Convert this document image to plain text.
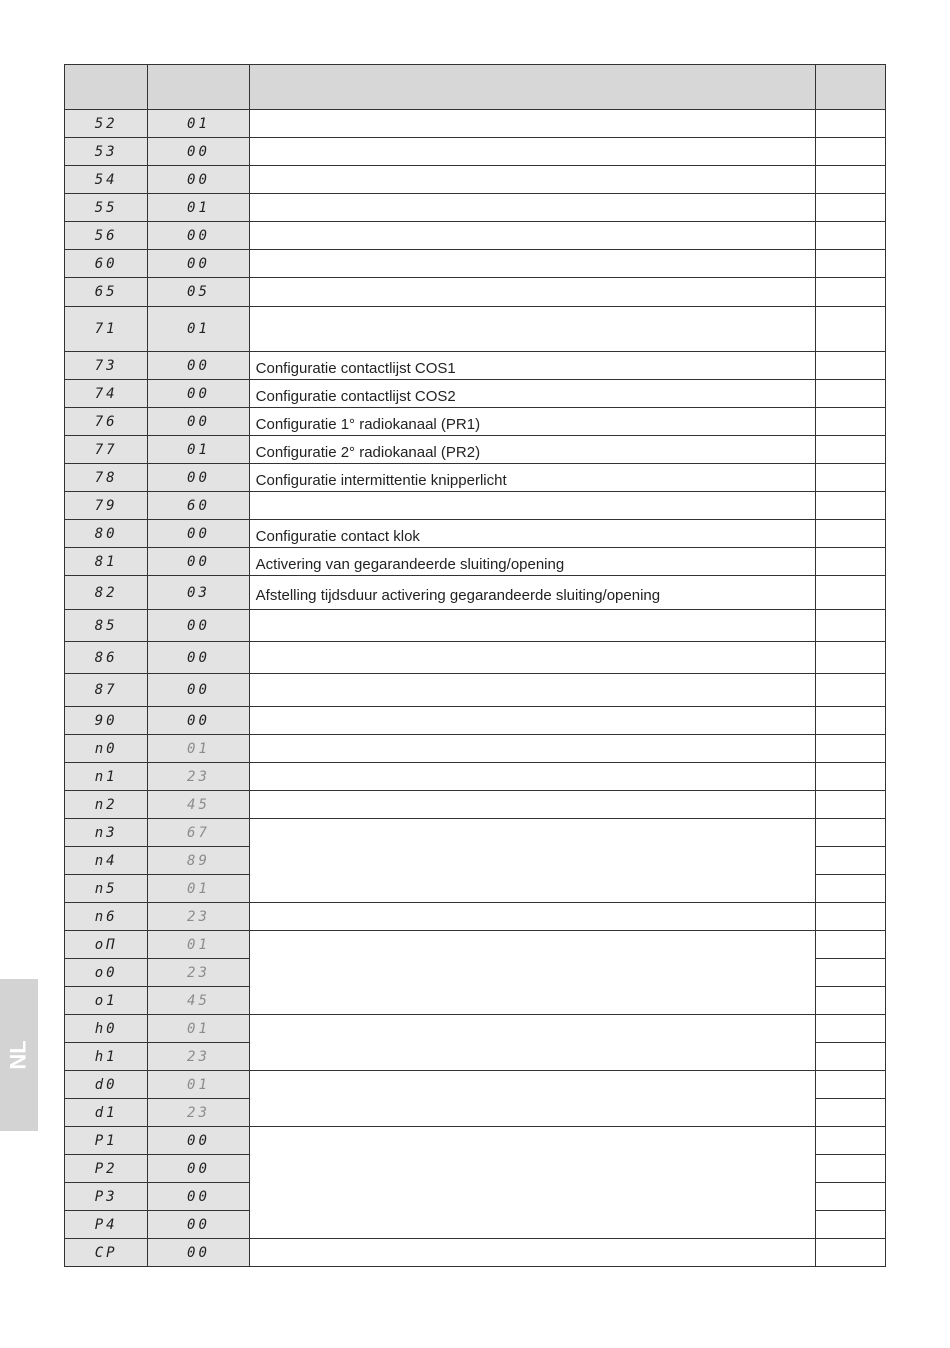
NL

52	01		
53	00		
54	00		
55	01		
56	00		
60	00		
65	05		
71	01		
73	00	Configuratie contactlijst COS1	
74	00	Configuratie contactlijst COS2	
76	00	Configuratie 1° radiokanaal (PR1)	
77	01	Configuratie 2° radiokanaal (PR2)	
78	00	Configuratie intermittentie knipperlicht	
79	60		
80	00	Configuratie contact klok	
81	00	Activering van gegarandeerde sluiting/opening	
82	03	Afstelling tijdsduur activering gegarandeerde sluiting/opening	
85	00		
86	00		
87	00		
90	00		
n0	01		
n1	23		
n2	45		
n3	67		
n4	89		
n5	01		
n6	23		
oΠ	01		
o0	23		
o1	45		
h0	01		
h1	23		
d0	01		
d1	23		
P1	00		
P2	00		
P3	00		
P4	00		
CP	00		
